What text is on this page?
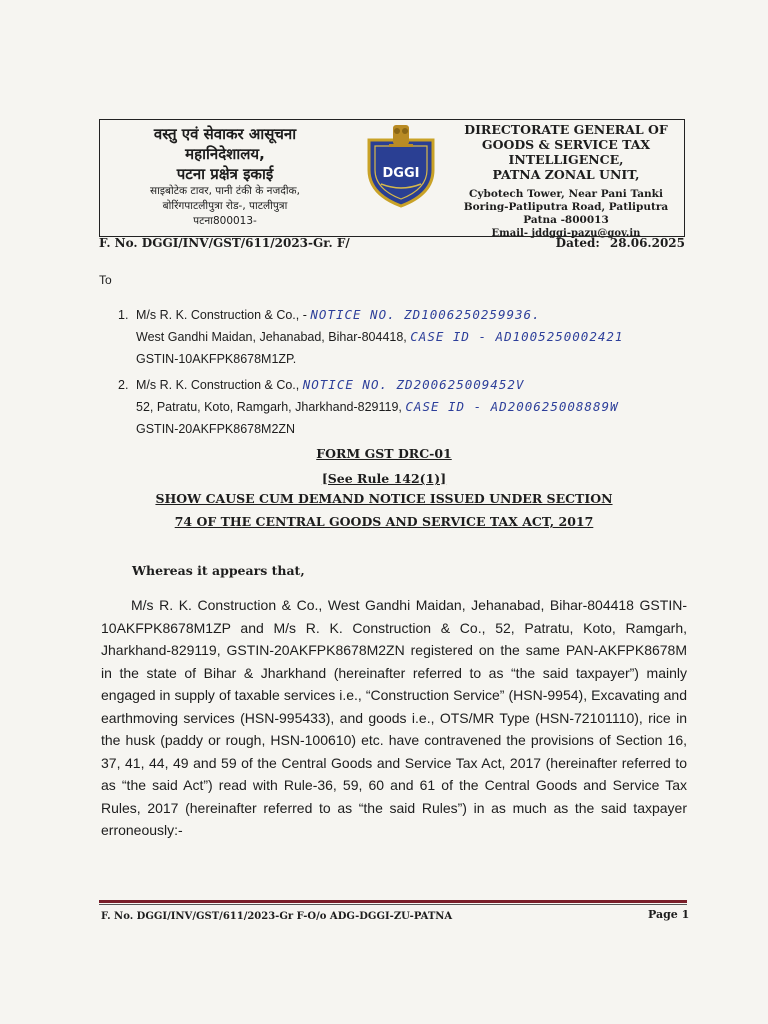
वस्तु एवं सेवाकर आसूचना
महानिदेशालय,
पटना प्रक्षेत्र इकाई
साइबोटेक टावर, पानी टंकी के नजदीक,
बोरिंगपाटलीपुत्रा रोड-, पाटलीपुत्रा
पटना800013-
DGGI
DIRECTORATE GENERAL OF
GOODS & SERVICE TAX
INTELLIGENCE,
PATNA ZONAL UNIT,
Cybotech Tower, Near Pani Tanki
Boring-Patliputra Road, Patliputra
Patna -800013
Email- jddggi-pazu@gov.in
F. No. DGGI/INV/GST/611/2023-Gr. F/	Dated: 28.06.2025
To
1. M/s R. K. Construction & Co., - NOTICE NO. ZD1006250259936.
West Gandhi Maidan, Jehanabad, Bihar-804418, CASE ID - AD1005250002421
GSTIN-10AKFPK8678M1ZP.
2. M/s R. K. Construction & Co., NOTICE NO. ZD200625009452V
52, Patratu, Koto, Ramgarh, Jharkhand-829119, CASE ID - AD200625008889W
GSTIN-20AKFPK8678M2ZN
FORM GST DRC-01
[See Rule 142(1)]
SHOW CAUSE CUM DEMAND NOTICE ISSUED UNDER SECTION
74 OF THE CENTRAL GOODS AND SERVICE TAX ACT, 2017
Whereas it appears that,
M/s R. K. Construction & Co., West Gandhi Maidan, Jehanabad, Bihar-804418 GSTIN-10AKFPK8678M1ZP and M/s R. K. Construction & Co., 52, Patratu, Koto, Ramgarh, Jharkhand-829119, GSTIN-20AKFPK8678M2ZN registered on the same PAN-AKFPK8678M in the state of Bihar & Jharkhand (hereinafter referred to as “the said taxpayer”) mainly engaged in supply of taxable services i.e., “Construction Service” (HSN-9954), Excavating and earthmoving services (HSN-995433), and goods i.e., OTS/MR Type (HSN-72101110), rice in the husk (paddy or rough, HSN-100610) etc. have contravened the provisions of Section 16, 37, 41, 44, 49 and 59 of the Central Goods and Service Tax Act, 2017 (hereinafter referred to as “the said Act”) read with Rule-36, 59, 60 and 61 of the Central Goods and Service Tax Rules, 2017 (hereinafter referred to as “the said Rules”) in as much as the said taxpayer erroneously:-
F. No. DGGI/INV/GST/611/2023-Gr F-O/o ADG-DGGI-ZU-PATNA	Page 1
